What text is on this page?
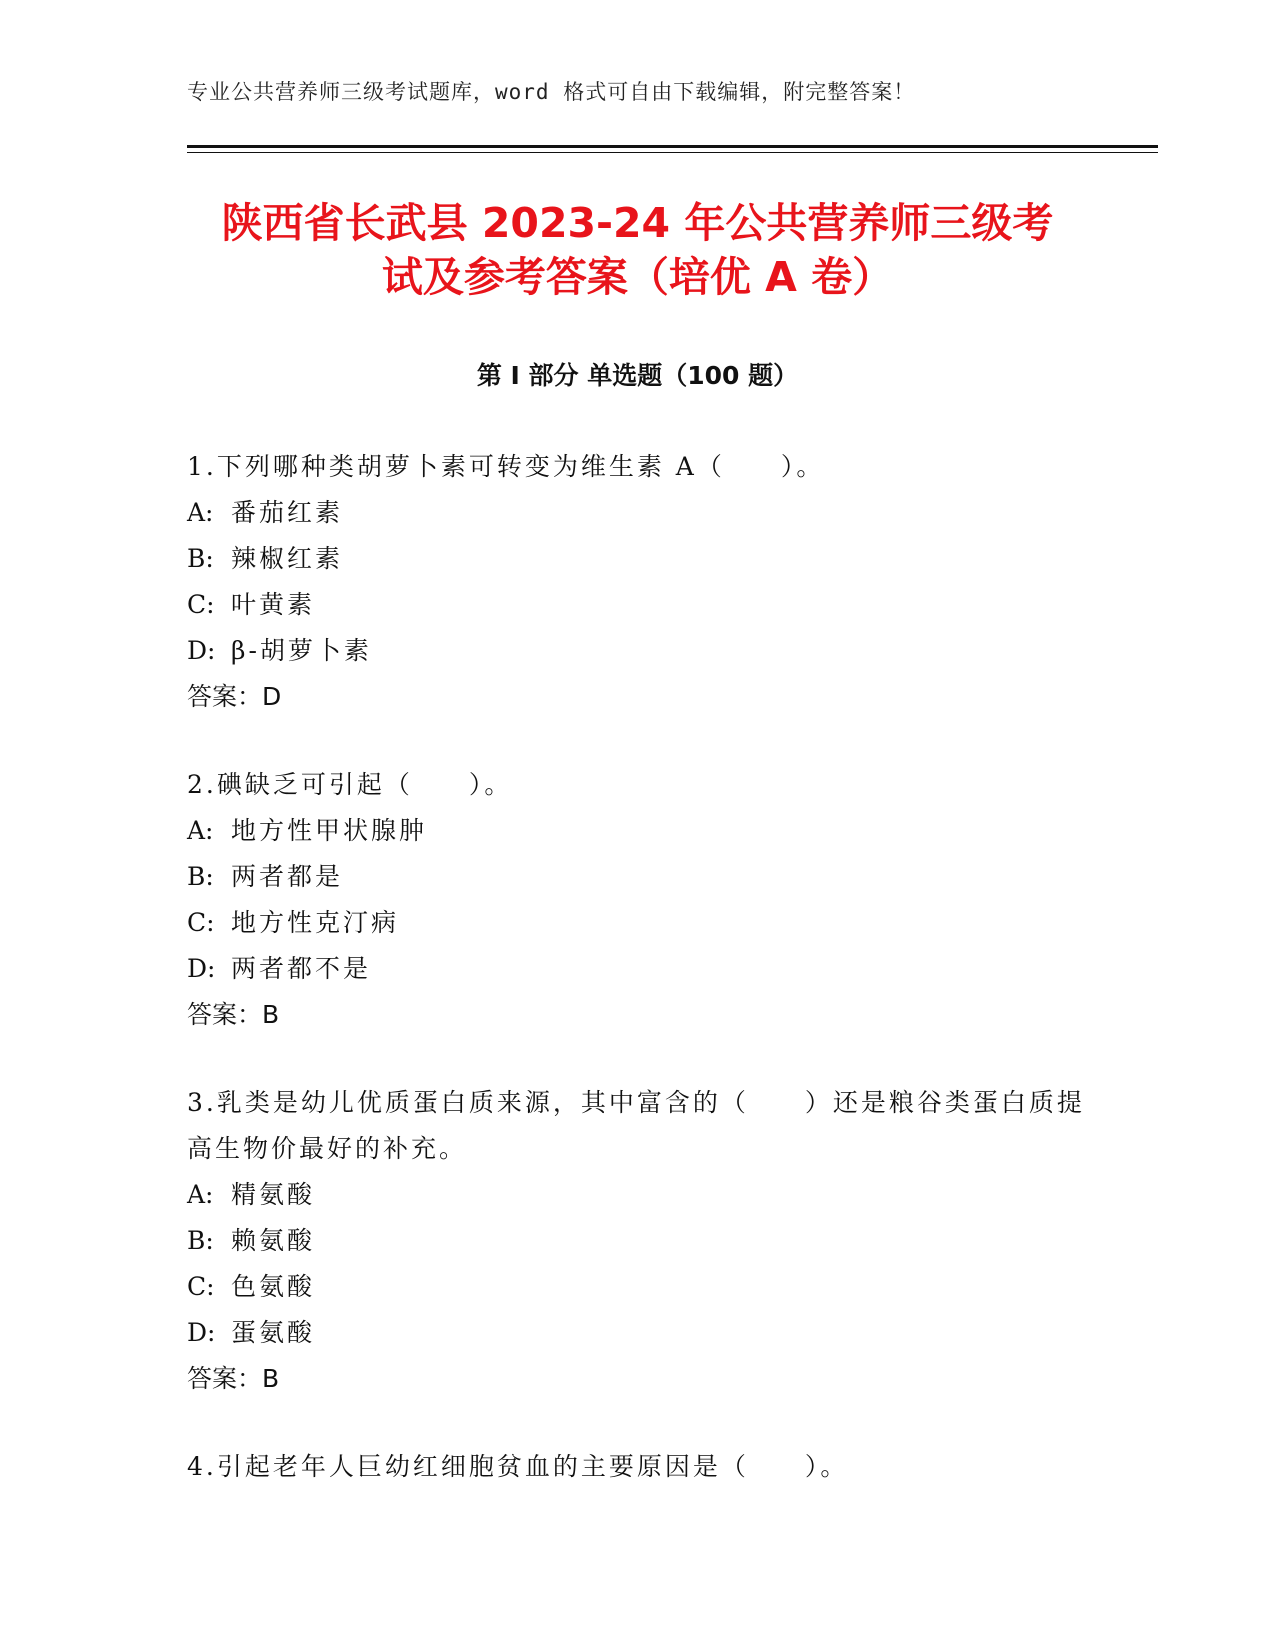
专业公共营养师三级考试题库，word 格式可自由下载编辑，附完整答案！
陕西省长武县 2023-24 年公共营养师三级考
试及参考答案（培优 A 卷）
第 I 部分 单选题（100 题）

1.下列哪种类胡萝卜素可转变为维生素 A（　　）。

A: 番茄红素

B: 辣椒红素

C: 叶黄素

D: β-胡萝卜素

答案：D

2.碘缺乏可引起（　　）。

A: 地方性甲状腺肿

B: 两者都是

C: 地方性克汀病

D: 两者都不是

答案：B

3.乳类是幼儿优质蛋白质来源，其中富含的（　　）还是粮谷类蛋白质提高生物价最好的补充。

A: 精氨酸

B: 赖氨酸

C: 色氨酸

D: 蛋氨酸

答案：B

4.引起老年人巨幼红细胞贫血的主要原因是（　　）。
